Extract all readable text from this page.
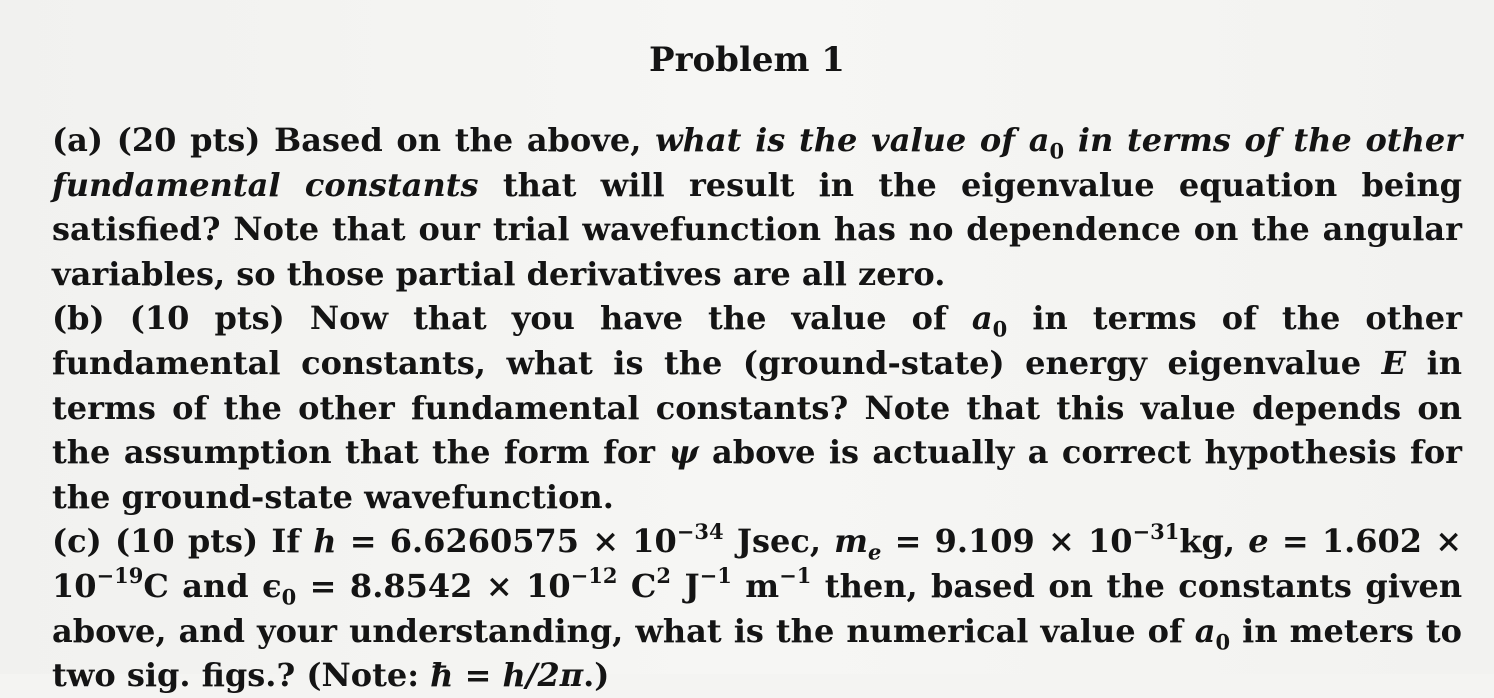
Problem 1

(a) (20 pts) Based on the above, what is the value of $a_0$ in terms of the other fundamental constants that will result in the eigenvalue equation being satisfied? Note that our trial wavefunction has no dependence on the angular variables, so those partial derivatives are all zero.

(b) (10 pts) Now that you have the value of $a_0$ in terms of the other fundamental constants, what is the (ground-state) energy eigenvalue E in terms of the other fundamental constants? Note that this value depends on the assumption that the form for ψ above is actually a correct hypothesis for the ground-state wavefunction.

(c) (10 pts) If $h = 6.6260575 \times 10^{-34}$ Jsec, $m_e = 9.109 \times 10^{-31}kg$, $e = 1.602 \times 10^{-19}C$ and $\epsilon_0 = 8.8542 \times 10^{-12}$ $C^2$ $J^{-1}$ $m^{-1}$ then, based on the constants given above, and your understanding, what is the numerical value of $a_0$ in meters to two sig. figs.? (Note: ħ = h/2π.)
